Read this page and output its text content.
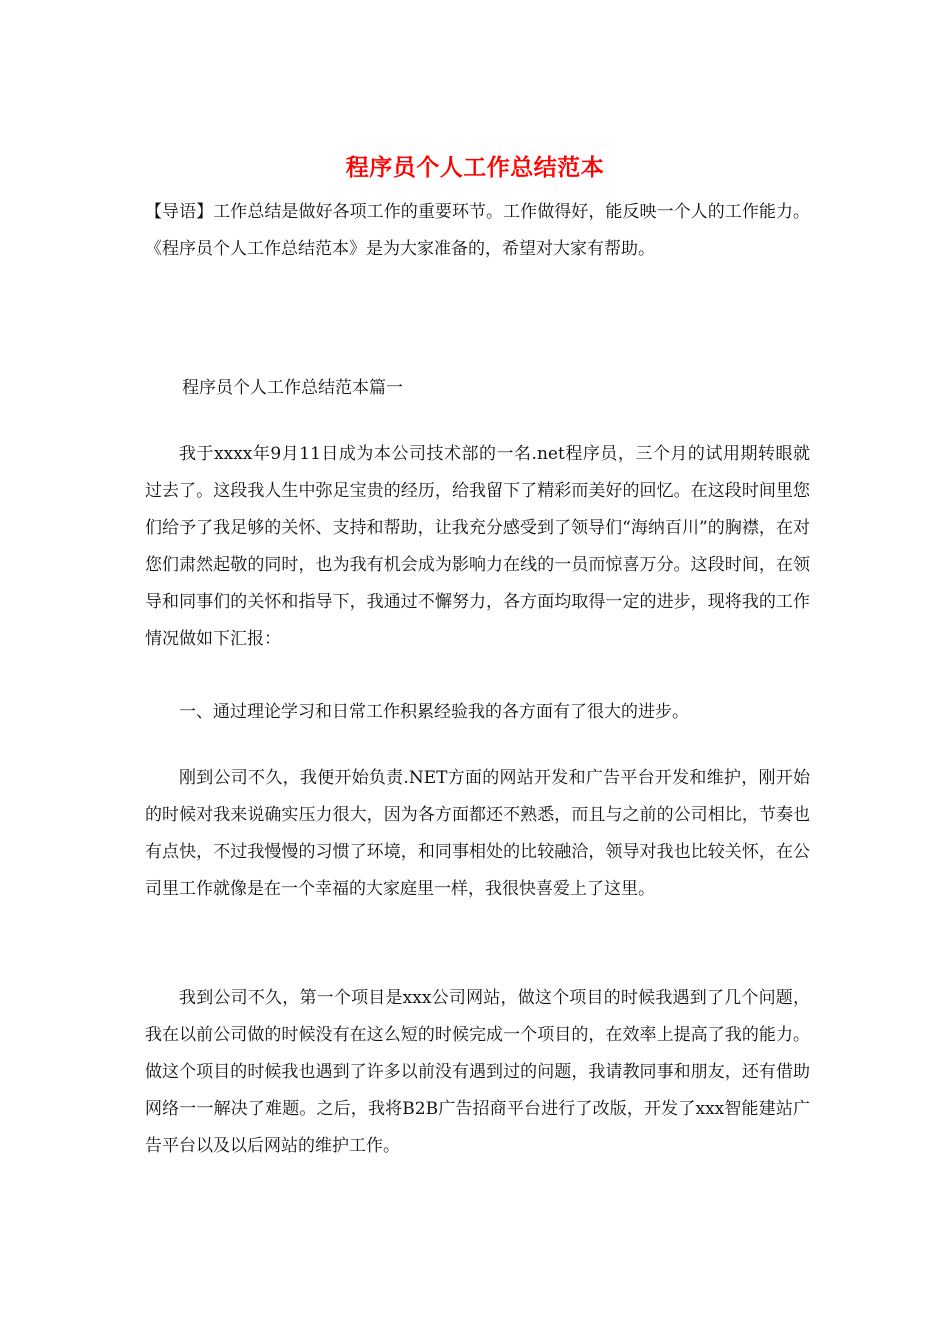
程序员个人工作总结范本

【导语】工作总结是做好各项工作的重要环节。工作做得好，能反映一个人的工作能力。《程序员个人工作总结范本》是为大家准备的，希望对大家有帮助。

程序员个人工作总结范本篇一

我于xxxx年9月11日成为本公司技术部的一名.net程序员，三个月的试用期转眼就过去了。这段我人生中弥足宝贵的经历，给我留下了精彩而美好的回忆。在这段时间里您们给予了我足够的关怀、支持和帮助，让我充分感受到了领导们“海纳百川”的胸襟，在对您们肃然起敬的同时，也为我有机会成为影响力在线的一员而惊喜万分。这段时间，在领导和同事们的关怀和指导下，我通过不懈努力，各方面均取得一定的进步，现将我的工作情况做如下汇报：

一、通过理论学习和日常工作积累经验我的各方面有了很大的进步。

刚到公司不久，我便开始负责.NET方面的网站开发和广告平台开发和维护，刚开始的时候对我来说确实压力很大，因为各方面都还不熟悉，而且与之前的公司相比，节奏也有点快，不过我慢慢的习惯了环境，和同事相处的比较融洽，领导对我也比较关怀，在公司里工作就像是在一个幸福的大家庭里一样，我很快喜爱上了这里。

我到公司不久，第一个项目是xxx公司网站，做这个项目的时候我遇到了几个问题，我在以前公司做的时候没有在这么短的时候完成一个项目的，在效率上提高了我的能力。做这个项目的时候我也遇到了许多以前没有遇到过的问题，我请教同事和朋友，还有借助网络一一解决了难题。之后，我将B2B广告招商平台进行了改版，开发了xxx智能建站广告平台以及以后网站的维护工作。
